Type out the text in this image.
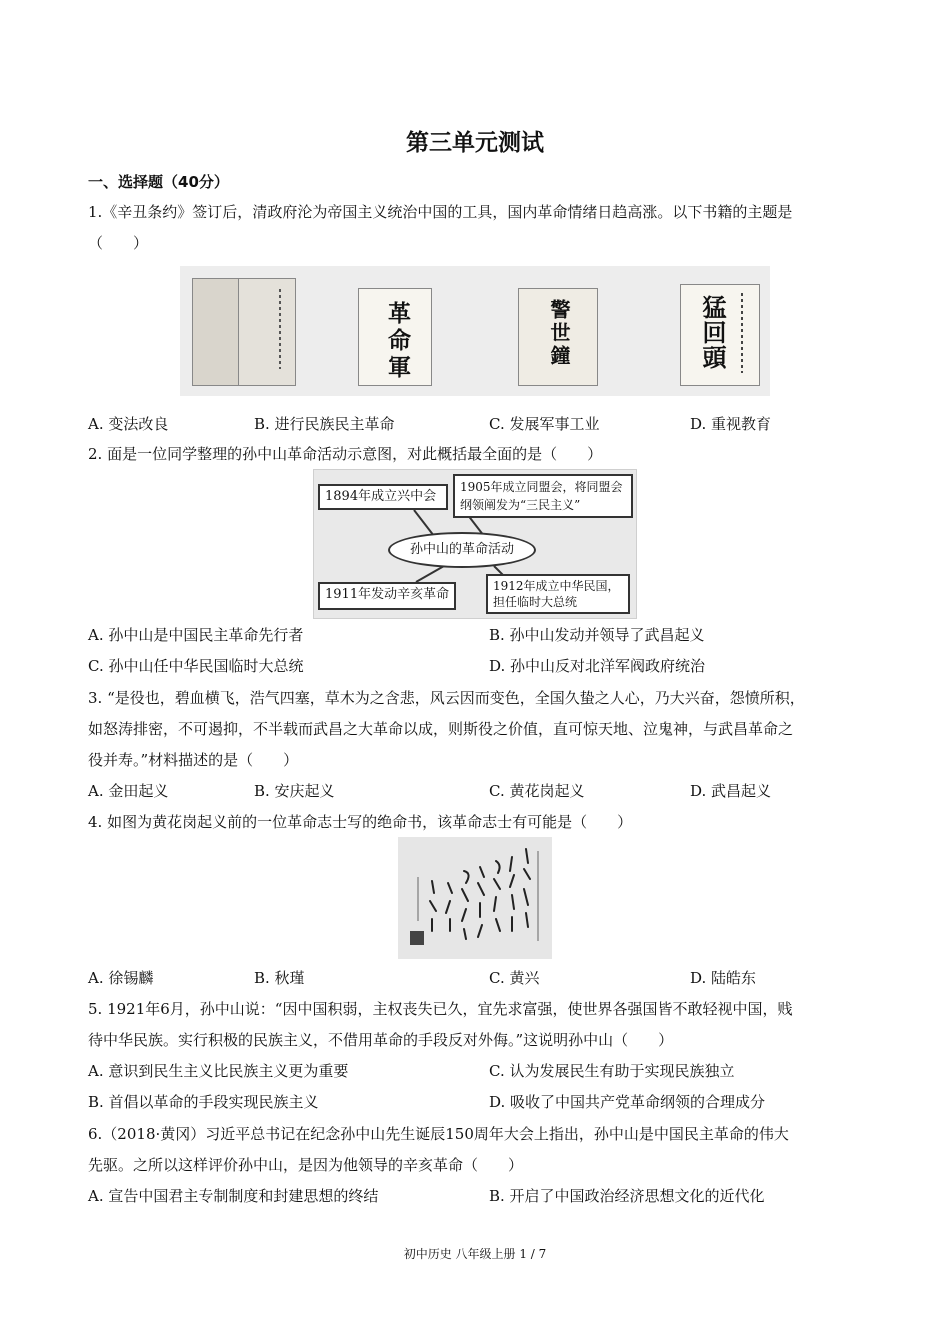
第三单元测试
一、选择题（40分）
1.《辛丑条约》签订后，清政府沦为帝国主义统治中国的工具，国内革命情绪日趋高涨。以下书籍的主题是
（　　）
革命軍	警世鐘	猛回頭
A. 变法改良	B. 进行民族民主革命	C. 发展军事工业	D. 重视教育
2. 面是一位同学整理的孙中山革命活动示意图，对此概括最全面的是（　　）
1894年成立兴中会
1905年成立同盟会，将同盟会纲领阐发为“三民主义”
孙中山的革命活动
1911年发动辛亥革命
1912年成立中华民国，担任临时大总统
A. 孙中山是中国民主革命先行者	B. 孙中山发动并领导了武昌起义
C. 孙中山任中华民国临时大总统	D. 孙中山反对北洋军阀政府统治
3. “是役也，碧血横飞，浩气四塞，草木为之含悲，风云因而变色，全国久蛰之人心，乃大兴奋，怨愤所积，
如怒涛排密，不可遏抑，不半载而武昌之大革命以成，则斯役之价值，直可惊天地、泣鬼神，与武昌革命之
役并寿。”材料描述的是（　　）
A. 金田起义	B. 安庆起义	C. 黄花岗起义	D. 武昌起义
4. 如图为黄花岗起义前的一位革命志士写的绝命书，该革命志士有可能是（　　）
A. 徐锡麟	B. 秋瑾	C. 黄兴	D. 陆皓东
5. 1921年6月，孙中山说：“因中国积弱，主权丧失已久，宜先求富强，使世界各强国皆不敢轻视中国，贱
待中华民族。实行积极的民族主义，不借用革命的手段反对外侮。”这说明孙中山（　　）
A. 意识到民生主义比民族主义更为重要	C. 认为发展民生有助于实现民族独立
B. 首倡以革命的手段实现民族主义	D. 吸收了中国共产党革命纲领的合理成分
6.（2018·黄冈）习近平总书记在纪念孙中山先生诞辰150周年大会上指出，孙中山是中国民主革命的伟大
先驱。之所以这样评价孙中山，是因为他领导的辛亥革命（　　）
A. 宣告中国君主专制制度和封建思想的终结	B. 开启了中国政治经济思想文化的近代化
初中历史 八年级上册 1 / 7
